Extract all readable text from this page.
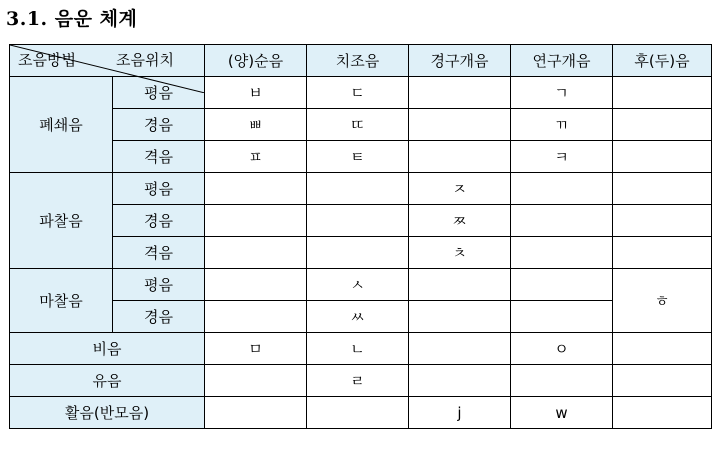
3.1. 음운 체계
조음위치
조음방법		(양)순음	치조음	경구개음	연구개음	후(두)음
폐쇄음	평음	ㅂ	ㄷ		ㄱ	
	경음	ㅃ	ㄸ		ㄲ	
	격음	ㅍ	ㅌ		ㅋ	
파찰음	평음			ㅈ		
	경음			ㅉ		
	격음			ㅊ		
마찰음	평음		ㅅ			ㅎ
	경음		ㅆ			
비음		ㅁ	ㄴ		ㅇ	
유음			ㄹ			
활음(반모음)				j	w	
